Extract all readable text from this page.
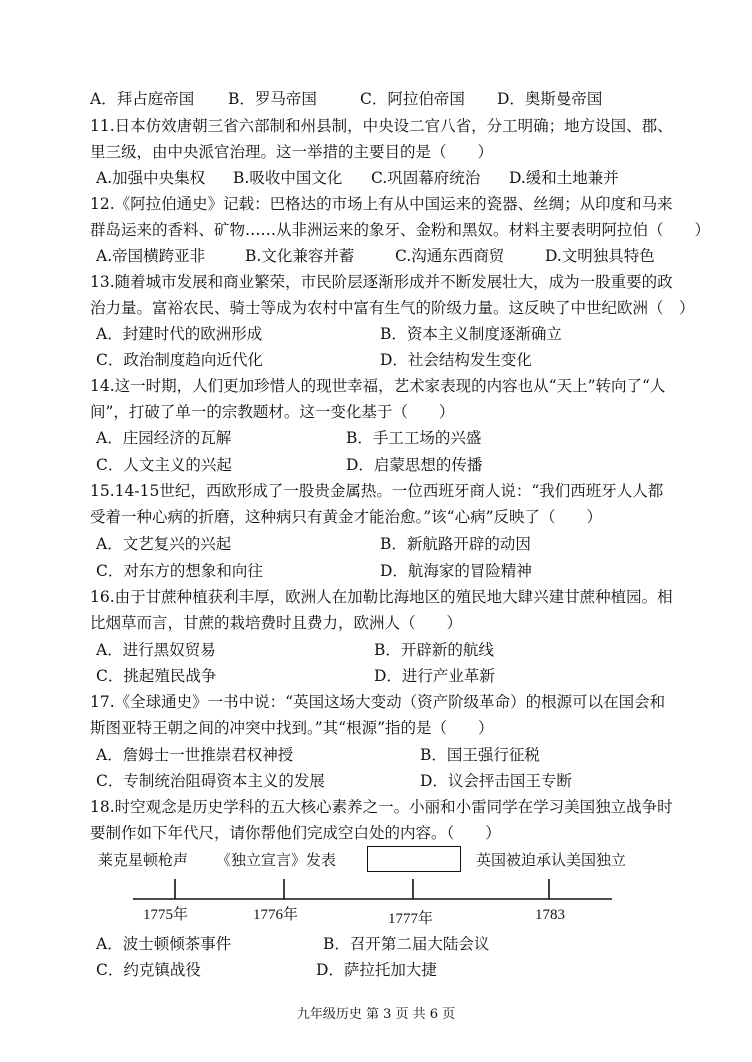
A．拜占庭帝国 B．罗马帝国	C．阿拉伯帝国 D．奥斯曼帝国
11.日本仿效唐朝三省六部制和州县制，中央设二官八省，分工明确；地方设国、郡、
里三级，由中央派官治理。这一举措的主要目的是（　　）
A.加强中央集权 B.吸收中国文化 C.巩固幕府统治 D.缓和土地兼并
12.《阿拉伯通史》记载：巴格达的市场上有从中国运来的瓷器、丝绸；从印度和马来
群岛运来的香料、矿物……从非洲运来的象牙、金粉和黑奴。材料主要表明阿拉伯（　　）
A.帝国横跨亚非	B.文化兼容并蓄	C.沟通东西商贸	D.文明独具特色
13.随着城市发展和商业繁荣，市民阶层逐渐形成并不断发展壮大，成为一股重要的政
治力量。富裕农民、骑士等成为农村中富有生气的阶级力量。这反映了中世纪欧洲（　）
A．封建时代的欧洲形成	B．资本主义制度逐渐确立
C．政治制度趋向近代化	D．社会结构发生变化
14.这一时期，人们更加珍惜人的现世幸福，艺术家表现的内容也从“天上”转向了“人
间”，打破了单一的宗教题材。这一变化基于（　　）
A．庄园经济的瓦解	B．手工工场的兴盛
C．人文主义的兴起	D．启蒙思想的传播
15.14-15世纪，西欧形成了一股贵金属热。一位西班牙商人说：“我们西班牙人人都
受着一种心病的折磨，这种病只有黄金才能治愈。”该“心病”反映了（　　）
A．文艺复兴的兴起	B．新航路开辟的动因
C．对东方的想象和向往	D．航海家的冒险精神
16.由于甘蔗种植获利丰厚，欧洲人在加勒比海地区的殖民地大肆兴建甘蔗种植园。相
比烟草而言，甘蔗的栽培费时且费力，欧洲人（　　）
A．进行黑奴贸易	B．开辟新的航线
C．挑起殖民战争	D．进行产业革新
17.《全球通史》一书中说：“英国这场大变动（资产阶级革命）的根源可以在国会和
斯图亚特王朝之间的冲突中找到。”其“根源”指的是（　　）
A．詹姆士一世推崇君权神授	B．国王强行征税
C．专制统治阻碍资本主义的发展	D．议会抨击国王专断
18.时空观念是历史学科的五大核心素养之一。小丽和小雷同学在学习美国独立战争时
要制作如下年代尺，请你帮他们完成空白处的内容。（　　）
莱克星顿枪声 《独立宣言》发表	英国被迫承认美国独立
1775年	1776年	1777年	1783
A．波士顿倾茶事件	B．召开第二届大陆会议
C．约克镇战役	D．萨拉托加大捷
九年级历史 第 3 页 共 6 页
